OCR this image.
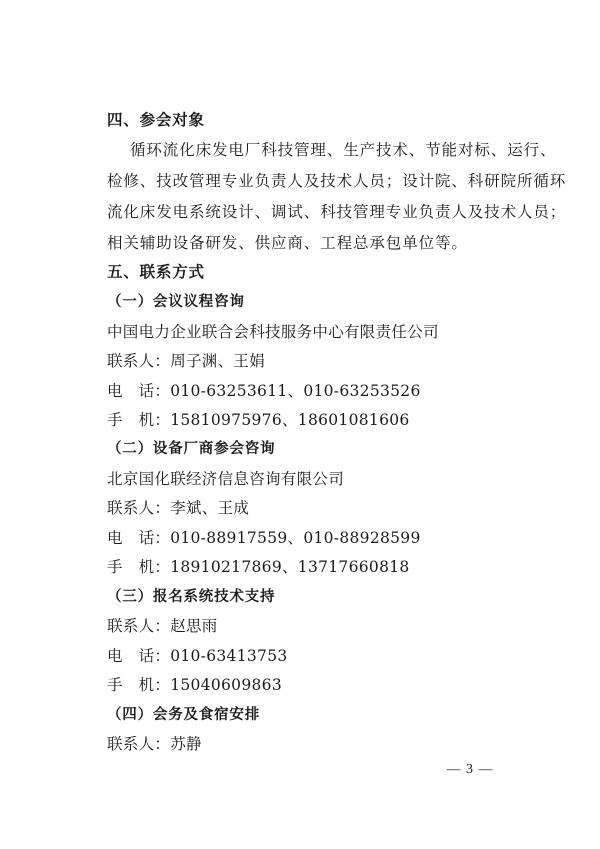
四、参会对象
循环流化床发电厂科技管理、生产技术、节能对标、运行、
检修、技改管理专业负责人及技术人员；设计院、科研院所循环
流化床发电系统设计、调试、科技管理专业负责人及技术人员；
相关辅助设备研发、供应商、工程总承包单位等。
五、联系方式
（一）会议议程咨询
中国电力企业联合会科技服务中心有限责任公司
联系人：周子渊、王娟
电　话：010-63253611、010-63253526
手　机：15810975976、18601081606
（二）设备厂商参会咨询
北京国化联经济信息咨询有限公司
联系人：李斌、王成
电　话：010-88917559、010-88928599
手　机：18910217869、13717660818
（三）报名系统技术支持
联系人：赵思雨
电　话：010-63413753
手　机：15040609863
（四）会务及食宿安排
联系人：苏静
— 3 —
